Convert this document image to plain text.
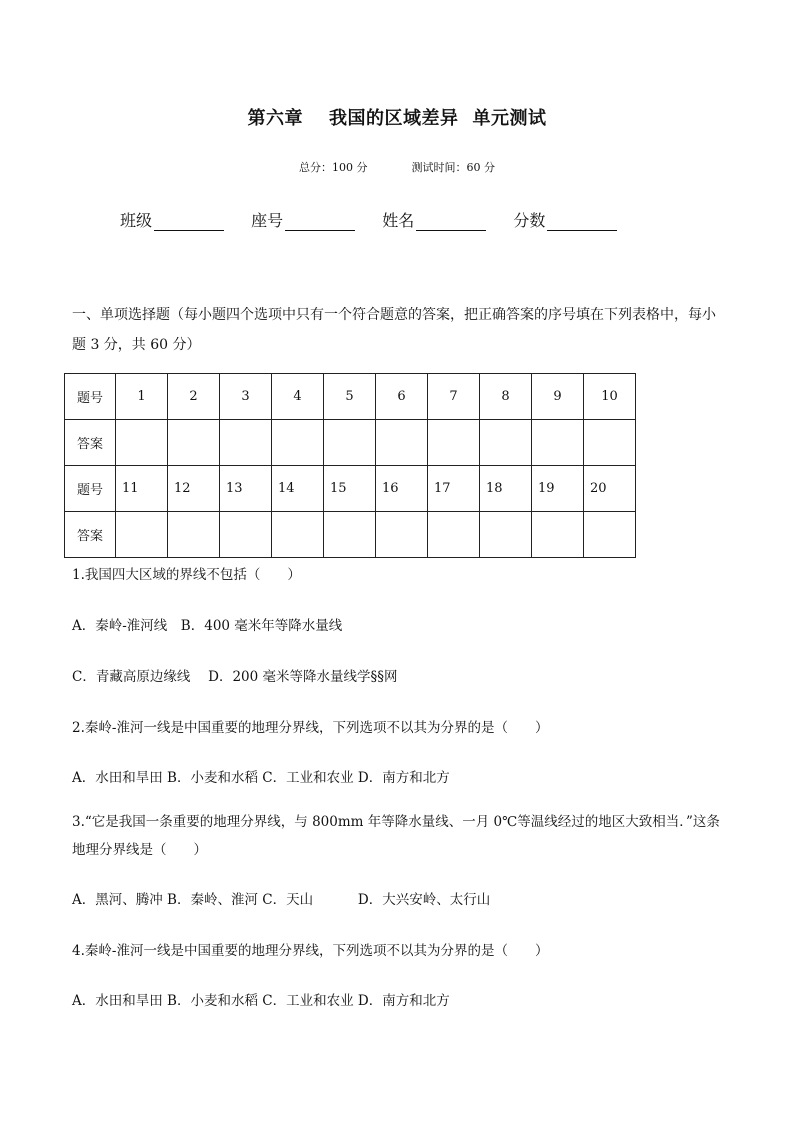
第六章 我国的区域差异 单元测试
总分：100 分	测试时间：60 分
班级	座号	姓名	分数
一、单项选择题（每小题四个选项中只有一个符合题意的答案，把正确答案的序号填在下列表格中，每小题 3 分，共 60 分）
题号	1	2	3	4	5	6	7	8	9	10
答案										
题号	11	12	13	14	15	16	17	18	19	20
答案										
1.我国四大区域的界线不包括（　　）
A．秦岭-淮河线　B．400 毫米年等降水量线
C．青藏高原边缘线　 D．200 毫米等降水量线学§§网
2.秦岭-淮河一线是中国重要的地理分界线，下列选项不以其为分界的是（　　）
A．水田和旱田 B．小麦和水稻 C．工业和农业 D．南方和北方
3.“它是我国一条重要的地理分界线，与 800mm 年等降水量线、一月 0℃等温线经过的地区大致相当．”这条地理分界线是（　　）
A．黑河、腾冲 B．秦岭、淮河 C．天山　　　 D．大兴安岭、太行山
4.秦岭-淮河一线是中国重要的地理分界线，下列选项不以其为分界的是（　　）
A．水田和旱田 B．小麦和水稻 C．工业和农业 D．南方和北方
